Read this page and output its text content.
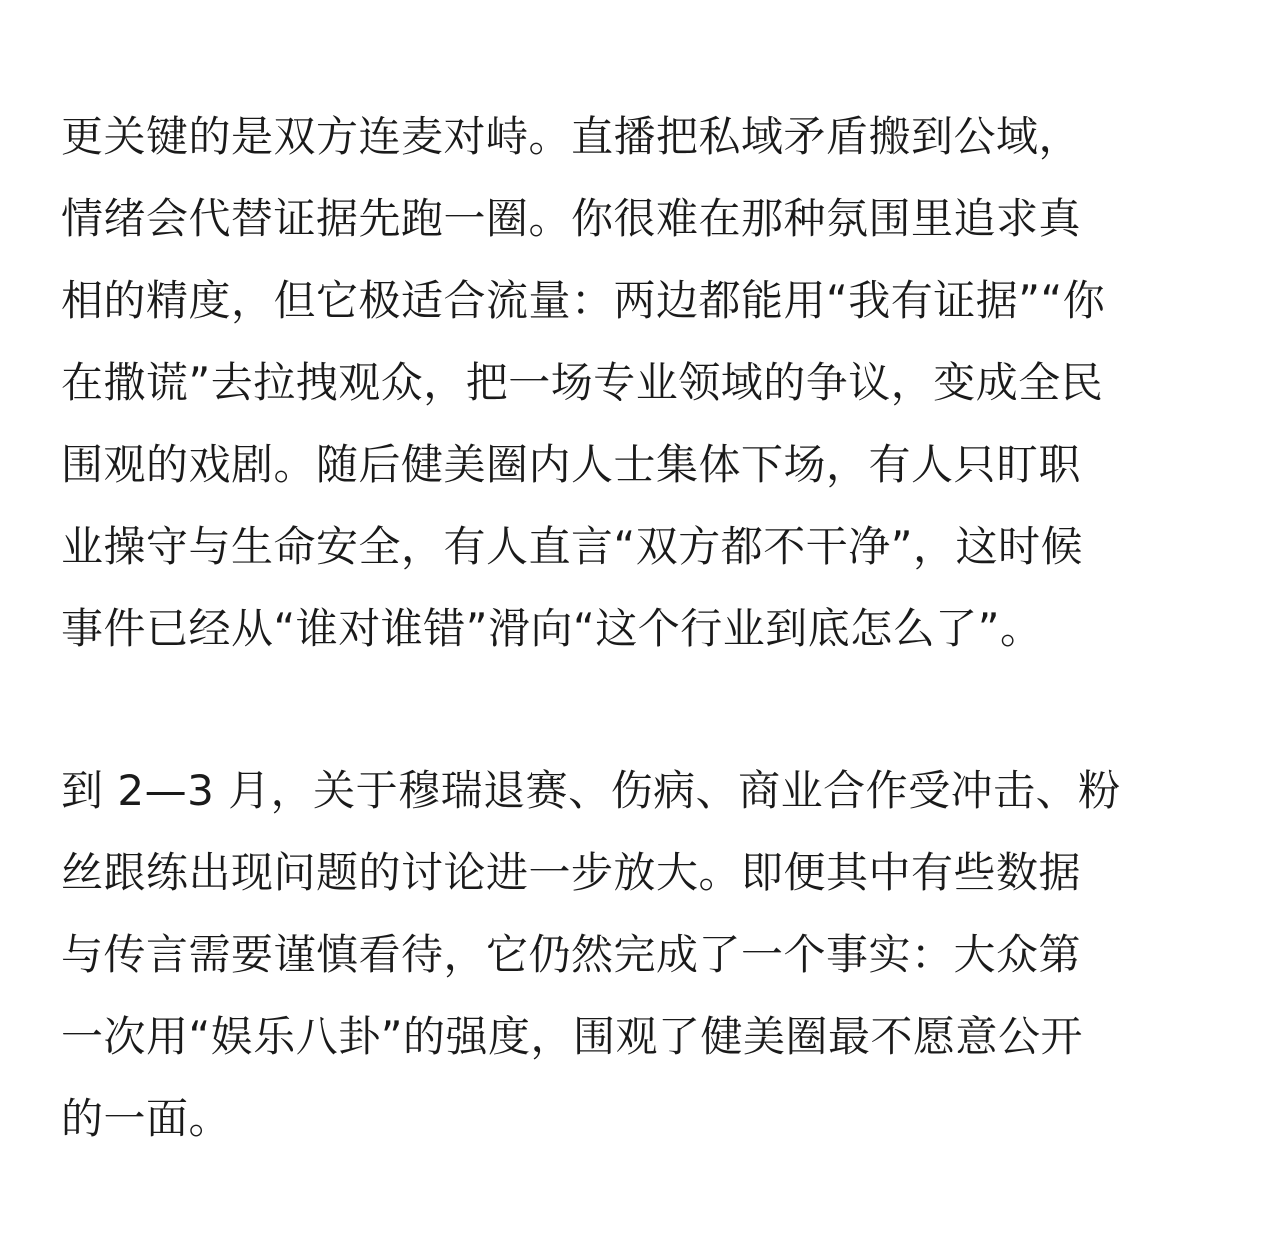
更关键的是双方连麦对峙。直播把私域矛盾搬到公域，
情绪会代替证据先跑一圈。你很难在那种氛围里追求真
相的精度，但它极适合流量：两边都能用“我有证据”“你
在撒谎”去拉拽观众，把一场专业领域的争议，变成全民
围观的戏剧。随后健美圈内人士集体下场，有人只盯职
业操守与生命安全，有人直言“双方都不干净”，这时候
事件已经从“谁对谁错”滑向“这个行业到底怎么了”。
到 2—3 月，关于穆瑞退赛、伤病、商业合作受冲击、粉
丝跟练出现问题的讨论进一步放大。即便其中有些数据
与传言需要谨慎看待，它仍然完成了一个事实：大众第
一次用“娱乐八卦”的强度，围观了健美圈最不愿意公开
的一面。
